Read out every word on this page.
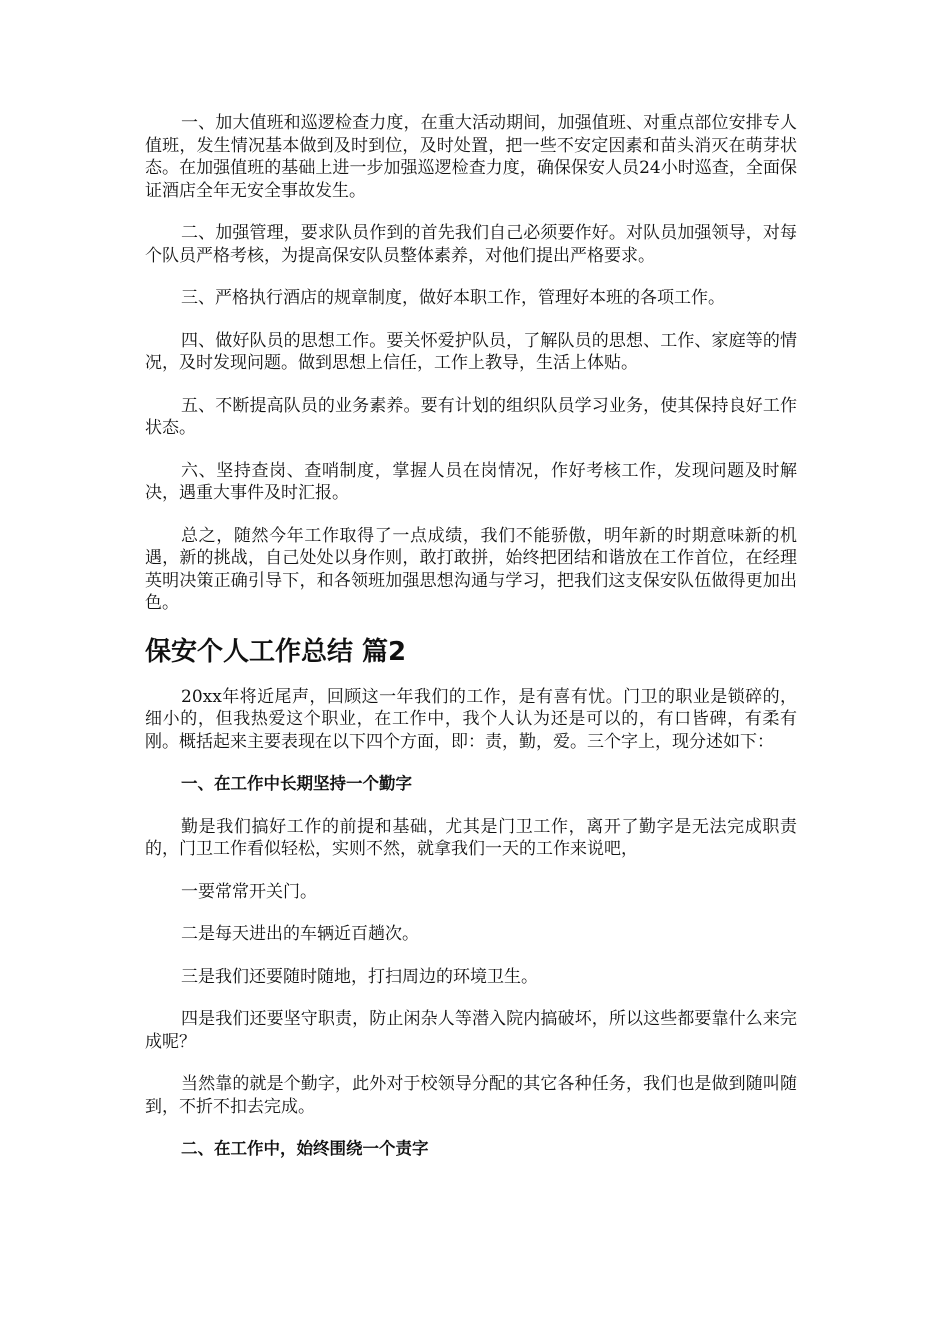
一、加大值班和巡逻检查力度，在重大活动期间，加强值班、对重点部位安排专人值班，发生情况基本做到及时到位，及时处置，把一些不安定因素和苗头消灭在萌芽状态。在加强值班的基础上进一步加强巡逻检查力度，确保保安人员24小时巡查，全面保证酒店全年无安全事故发生。

二、加强管理，要求队员作到的首先我们自己必须要作好。对队员加强领导，对每个队员严格考核，为提高保安队员整体素养，对他们提出严格要求。

三、严格执行酒店的规章制度，做好本职工作，管理好本班的各项工作。

四、做好队员的思想工作。要关怀爱护队员，了解队员的思想、工作、家庭等的情况，及时发现问题。做到思想上信任，工作上教导，生活上体贴。

五、不断提高队员的业务素养。要有计划的组织队员学习业务，使其保持良好工作状态。

六、坚持查岗、查哨制度，掌握人员在岗情况，作好考核工作，发现问题及时解决，遇重大事件及时汇报。

总之，随然今年工作取得了一点成绩，我们不能骄傲，明年新的时期意味新的机遇，新的挑战，自己处处以身作则，敢打敢拼，始终把团结和谐放在工作首位，在经理英明决策正确引导下，和各领班加强思想沟通与学习，把我们这支保安队伍做得更加出色。

保安个人工作总结 篇2

20xx年将近尾声，回顾这一年我们的工作，是有喜有忧。门卫的职业是锁碎的，细小的，但我热爱这个职业，在工作中，我个人认为还是可以的，有口皆碑，有柔有刚。概括起来主要表现在以下四个方面，即：责，勤，爱。三个字上，现分述如下：

一、在工作中长期坚持一个勤字

勤是我们搞好工作的前提和基础，尤其是门卫工作，离开了勤字是无法完成职责的，门卫工作看似轻松，实则不然，就拿我们一天的工作来说吧，

一要常常开关门。

二是每天进出的车辆近百趟次。

三是我们还要随时随地，打扫周边的环境卫生。

四是我们还要坚守职责，防止闲杂人等潜入院内搞破坏，所以这些都要靠什么来完成呢？

当然靠的就是个勤字，此外对于校领导分配的其它各种任务，我们也是做到随叫随到，不折不扣去完成。

二、在工作中，始终围绕一个责字
